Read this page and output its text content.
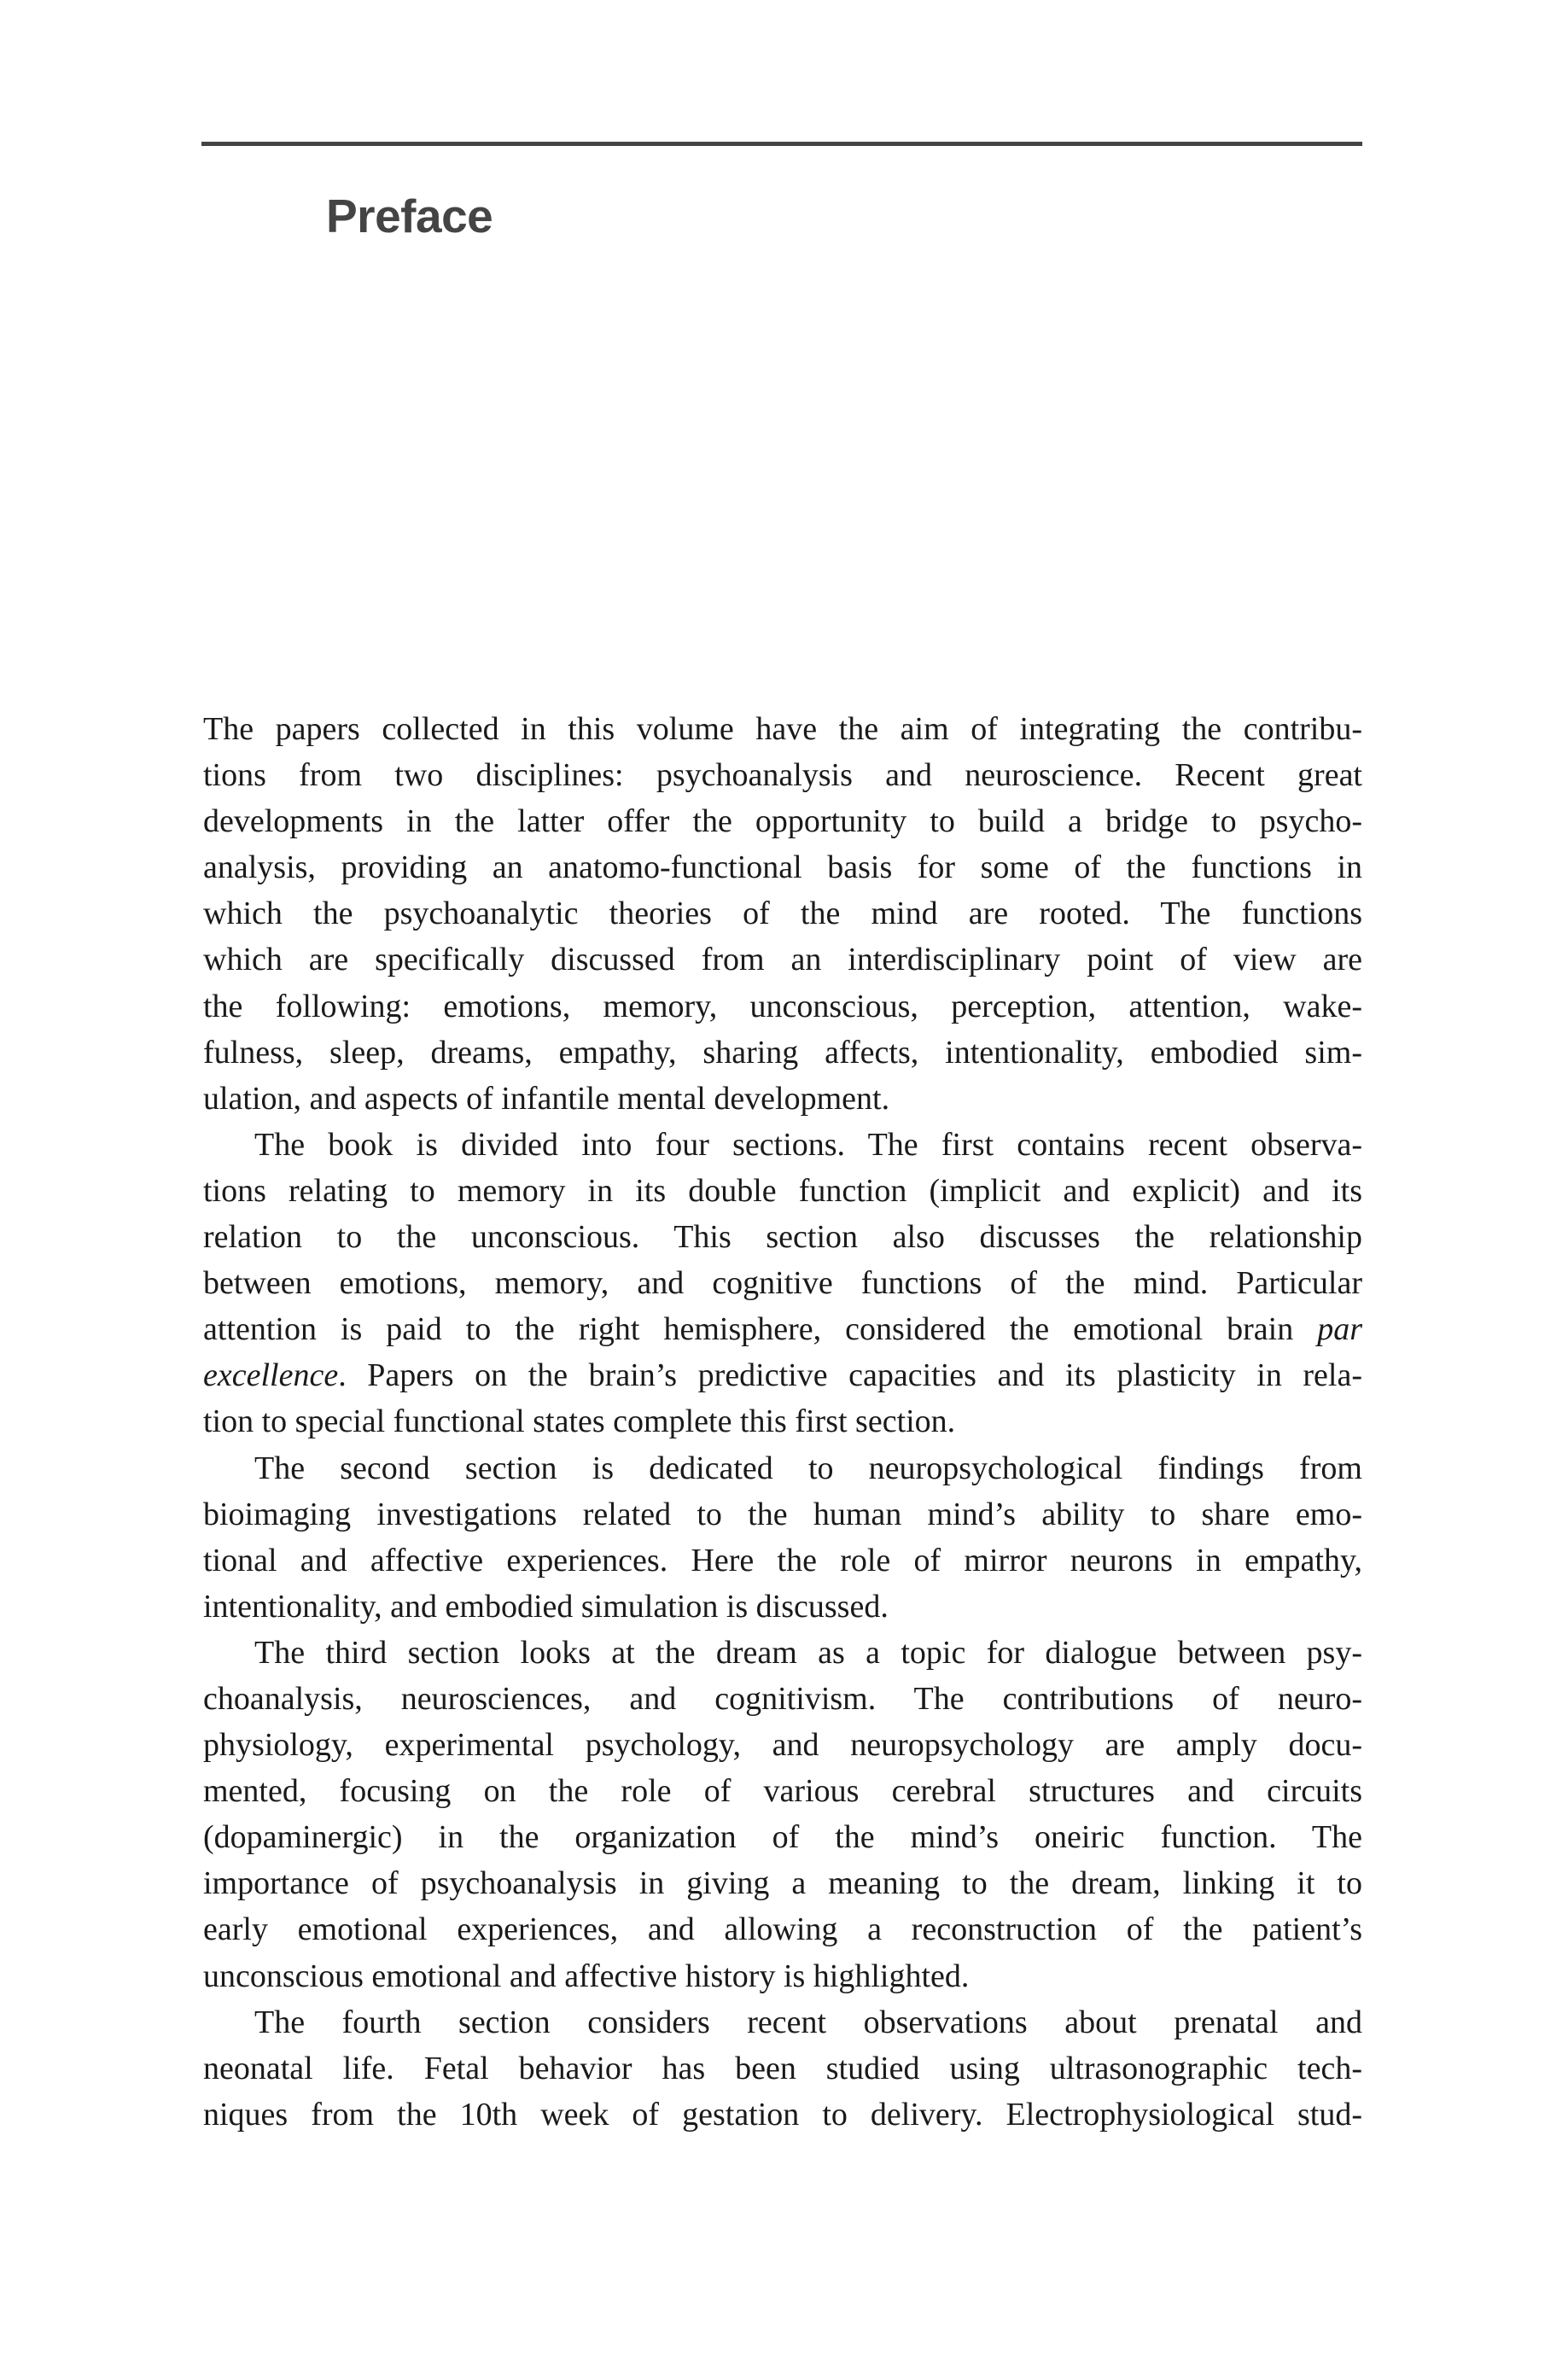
Preface
The papers collected in this volume have the aim of integrating the contribu-
tions from two disciplines: psychoanalysis and neuroscience. Recent great
developments in the latter offer the opportunity to build a bridge to psycho-
analysis, providing an anatomo-functional basis for some of the functions in
which the psychoanalytic theories of the mind are rooted. The functions
which are specifically discussed from an interdisciplinary point of view are
the following: emotions, memory, unconscious, perception, attention, wake-
fulness, sleep, dreams, empathy, sharing affects, intentionality, embodied sim-
ulation, and aspects of infantile mental development.
The book is divided into four sections. The first contains recent observa-
tions relating to memory in its double function (implicit and explicit) and its
relation to the unconscious. This section also discusses the relationship
between emotions, memory, and cognitive functions of the mind. Particular
attention is paid to the right hemisphere, considered the emotional brain par
excellence. Papers on the brain’s predictive capacities and its plasticity in rela-
tion to special functional states complete this first section.
The second section is dedicated to neuropsychological findings from
bioimaging investigations related to the human mind’s ability to share emo-
tional and affective experiences. Here the role of mirror neurons in empathy,
intentionality, and embodied simulation is discussed.
The third section looks at the dream as a topic for dialogue between psy-
choanalysis, neurosciences, and cognitivism. The contributions of neuro-
physiology, experimental psychology, and neuropsychology are amply docu-
mented, focusing on the role of various cerebral structures and circuits
(dopaminergic) in the organization of the mind’s oneiric function. The
importance of psychoanalysis in giving a meaning to the dream, linking it to
early emotional experiences, and allowing a reconstruction of the patient’s
unconscious emotional and affective history is highlighted.
The fourth section considers recent observations about prenatal and
neonatal life. Fetal behavior has been studied using ultrasonographic tech-
niques from the 10th week of gestation to delivery. Electrophysiological stud-
